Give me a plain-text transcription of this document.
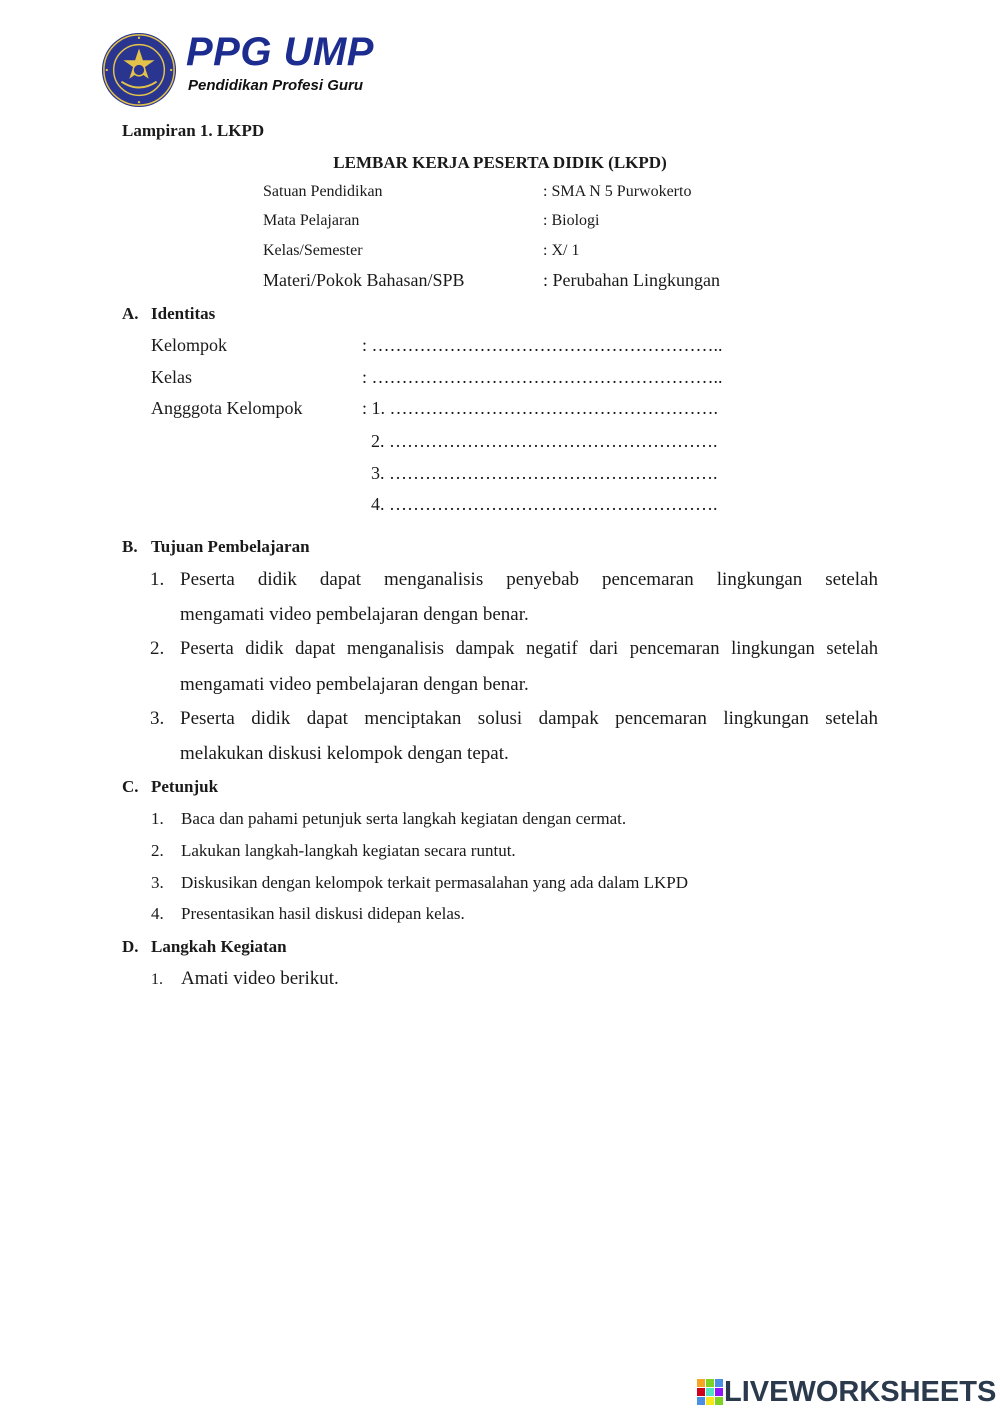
PPG UMP
Pendidikan Profesi Guru
Lampiran 1. LKPD
LEMBAR KERJA PESERTA DIDIK (LKPD)
Satuan Pendidikan	: SMA N 5 Purwokerto
Mata Pelajaran	: Biologi
Kelas/Semester	: X/ 1
Materi/Pokok Bahasan/SPB	: Perubahan Lingkungan
A. Identitas
Kelompok	: …………………………………………………..
Kelas	: …………………………………………………..
Angggota Kelompok	: 1. ……………………………………………….
2. ……………………………………………….
3. ……………………………………………….
4. ……………………………………………….
B. Tujuan Pembelajaran
1. Peserta didik dapat menganalisis penyebab pencemaran lingkungan setelah
mengamati video pembelajaran dengan benar.
2. Peserta didik dapat menganalisis dampak negatif dari pencemaran lingkungan setelah
mengamati video pembelajaran dengan benar.
3. Peserta didik dapat menciptakan solusi dampak pencemaran lingkungan setelah
melakukan diskusi kelompok dengan tepat.
C. Petunjuk
1. Baca dan pahami petunjuk serta langkah kegiatan dengan cermat.
2. Lakukan langkah-langkah kegiatan secara runtut.
3. Diskusikan dengan kelompok terkait permasalahan yang ada dalam LKPD
4. Presentasikan hasil diskusi didepan kelas.
D. Langkah Kegiatan
1. Amati video berikut.
LIVEWORKSHEETS
